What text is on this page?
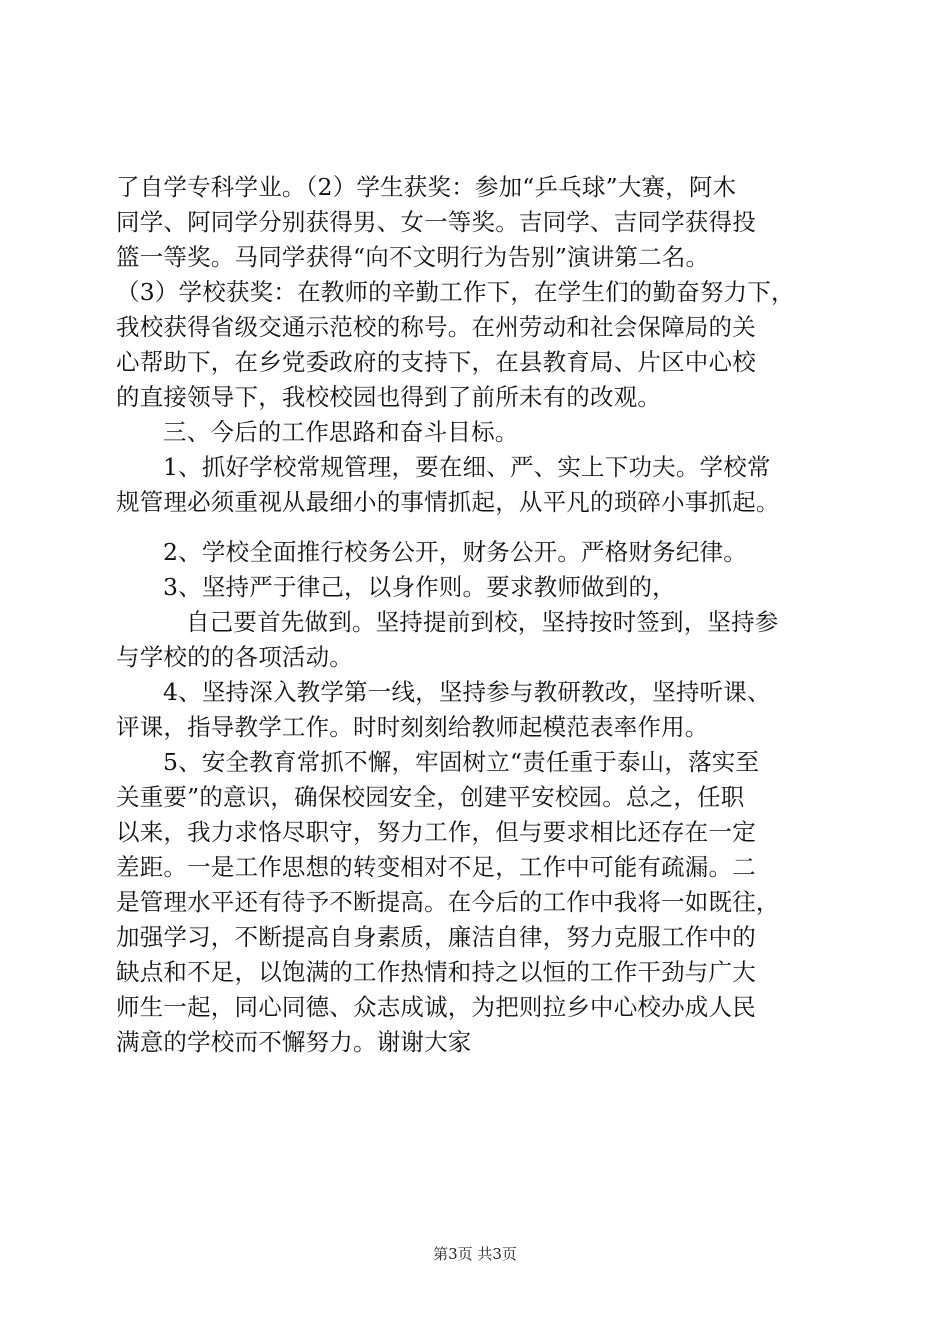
了自学专科学业。（2）学生获奖：参加“乒乓球”大赛，阿木
同学、阿同学分别获得男、女一等奖。吉同学、吉同学获得投
篮一等奖。马同学获得“向不文明行为告别”演讲第二名。
（3）学校获奖：在教师的辛勤工作下，在学生们的勤奋努力下，
我校获得省级交通示范校的称号。在州劳动和社会保障局的关
心帮助下，在乡党委政府的支持下，在县教育局、片区中心校
的直接领导下，我校校园也得到了前所未有的改观。
三、今后的工作思路和奋斗目标。
1、抓好学校常规管理，要在细、严、实上下功夫。学校常
规管理必须重视从最细小的事情抓起，从平凡的琐碎小事抓起。
2、学校全面推行校务公开，财务公开。严格财务纪律。
3、坚持严于律己，以身作则。要求教师做到的，
自己要首先做到。坚持提前到校，坚持按时签到，坚持参
与学校的的各项活动。
4、坚持深入教学第一线，坚持参与教研教改，坚持听课、
评课，指导教学工作。时时刻刻给教师起模范表率作用。
5、安全教育常抓不懈，牢固树立“责任重于泰山，落实至
关重要”的意识，确保校园安全，创建平安校园。总之，任职
以来，我力求恪尽职守，努力工作，但与要求相比还存在一定
差距。一是工作思想的转变相对不足，工作中可能有疏漏。二
是管理水平还有待予不断提高。在今后的工作中我将一如既往，
加强学习，不断提高自身素质，廉洁自律，努力克服工作中的
缺点和不足，以饱满的工作热情和持之以恒的工作干劲与广大
师生一起，同心同德、众志成诚，为把则拉乡中心校办成人民
满意的学校而不懈努力。谢谢大家
第3页 共3页
